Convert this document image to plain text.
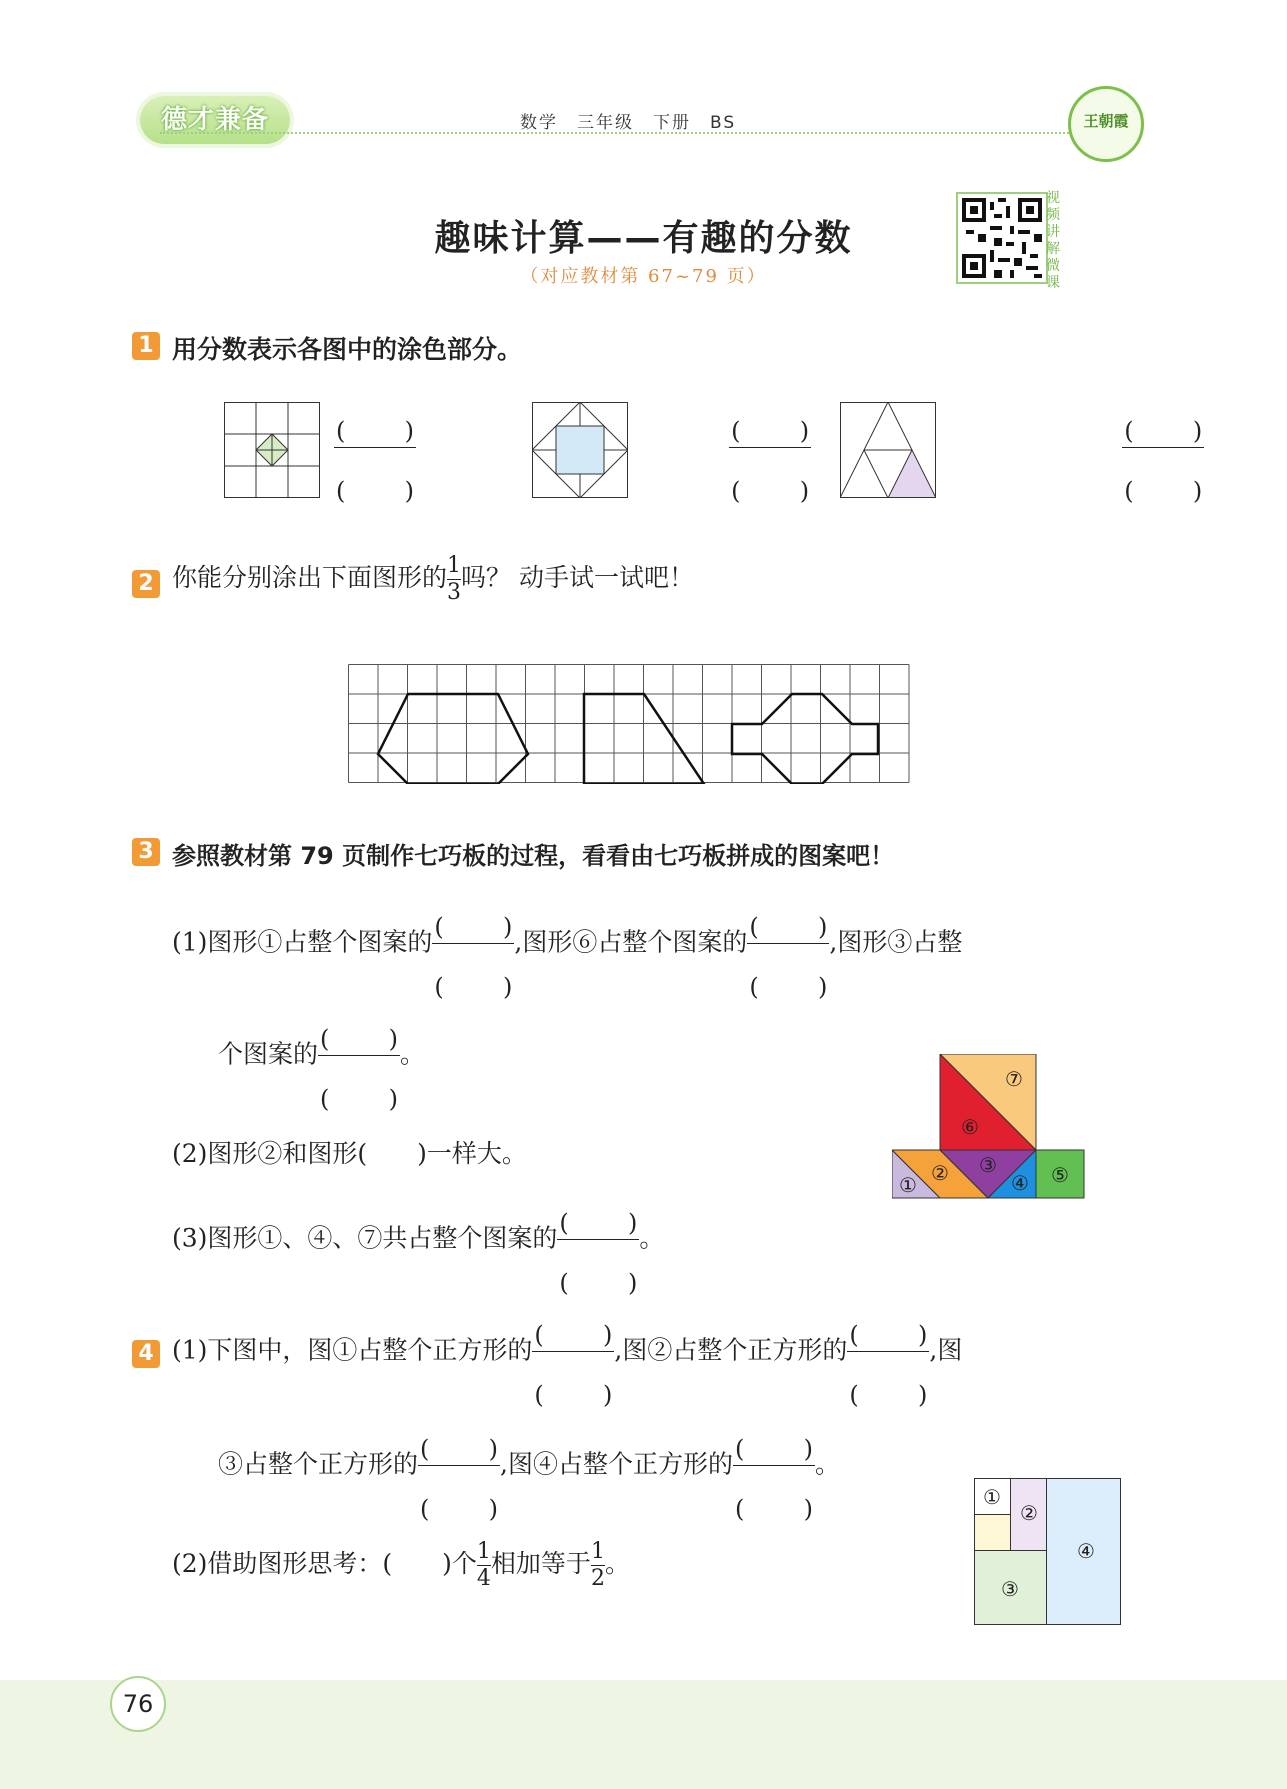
德才兼备	数学　三年级　下册　BS	王朝霞
趣味计算——有趣的分数
（对应教材第 67~79 页）
视频讲解微课
1 用分数表示各图中的涂色部分。
( )
( )

( )
( )

( )
( )
2 你能分别涂出下面图形的 $\frac{1}{3}$ 吗？ 动手试一试吧！
3 参照教材第 79 页制作七巧板的过程，看看由七巧板拼成的图案吧！
(1)图形①占整个图案的
( )
( )
,图形⑥占整个图案的
( )
( )
,图形③占整
个图案的
( )
( )
。
(2)图形②和图形(　　)一样大。
(3)图形①、④、⑦共占整个图案的
( )
( )
。
⑦
⑥
① ② ③
④ ⑤
4 (1)下图中，图①占整个正方形的
( )
( )
,图②占整个正方形的
( )
( )
,图
③占整个正方形的
( )
( )
,图④占整个正方形的
( )
( )
。
(2)借助图形思考：(　　)个 $\frac{1}{4}$ 相加等于 $\frac{1}{2}$ 。
①
②
③
④
76
